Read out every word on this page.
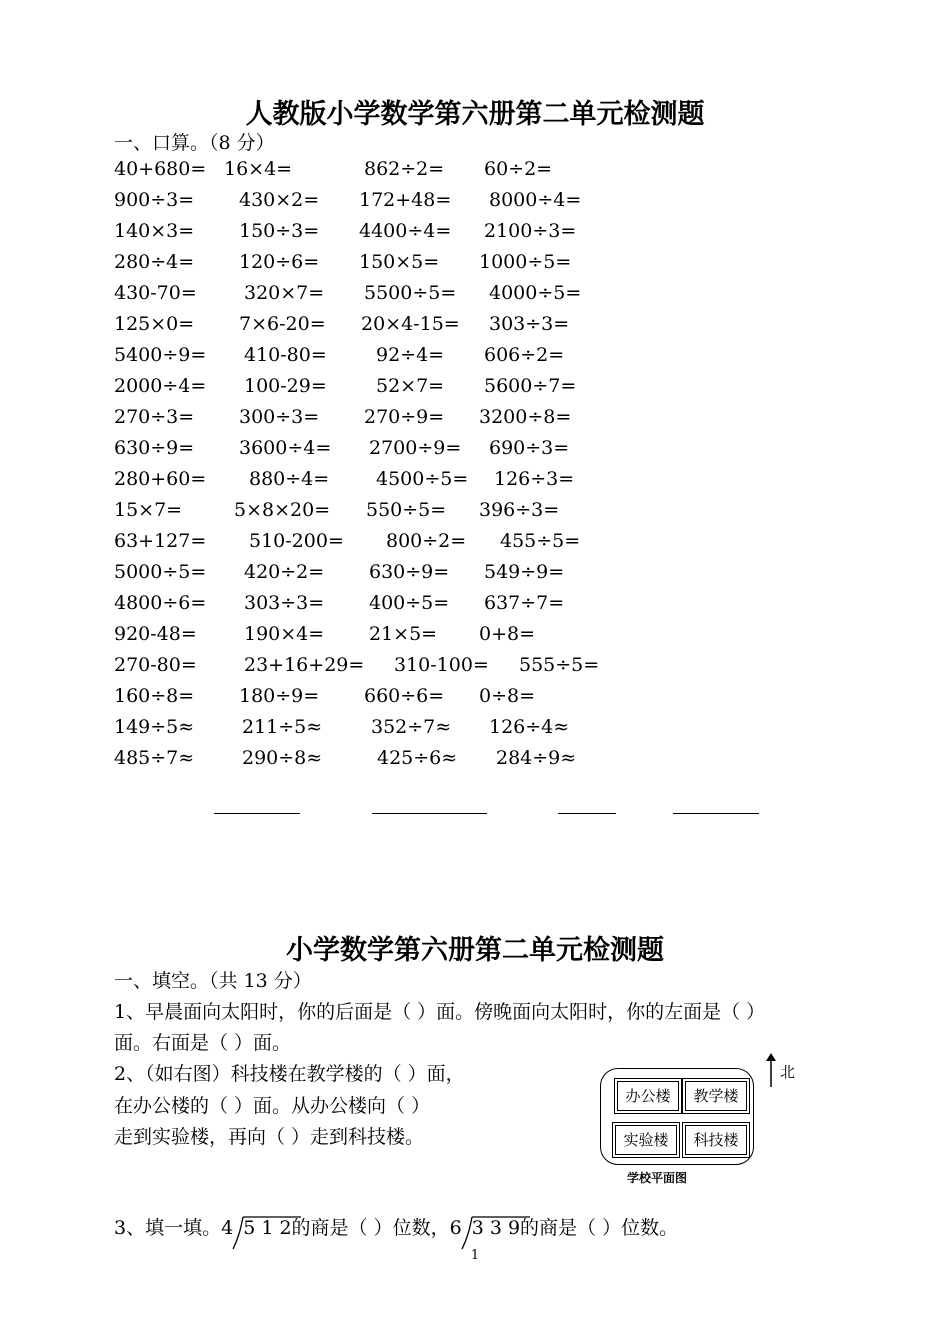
人教版小学数学第六册第二单元检测题
一、口算。（8 分）
40+680= 16×4=	862÷2= 60÷2=
900÷3= 430×2= 172+48= 8000÷4=
140×3= 150÷3= 4400÷4= 2100÷3=
280÷4= 120÷6= 150×5= 1000÷5=
430-70= 320×7= 5500÷5= 4000÷5=
125×0= 7×6-20= 20×4-15= 303÷3=
5400÷9= 410-80=	92÷4= 606÷2=
2000÷4= 100-29=	52×7= 5600÷7=
270÷3= 300÷3= 270÷9= 3200÷8=
630÷9= 3600÷4= 2700÷9= 690÷3=
280+60= 880÷4= 4500÷5= 126÷3=
15×7=	5×8×20= 550÷5= 396÷3=
63+127= 510-200= 800÷2= 455÷5=
5000÷5= 420÷2= 630÷9= 549÷9=
4800÷6= 303÷3= 400÷5= 637÷7=
920-48= 190×4= 21×5= 0+8=
270-80= 23+16+29= 310-100= 555÷5=
160÷8= 180÷9= 660÷6= 0÷8=
149÷5≈	211÷5≈	352÷7≈ 126÷4≈
485÷7≈	290÷8≈	425÷6≈ 284÷9≈
小学数学第六册第二单元检测题
一、填空。（共 13 分）
1、早晨面向太阳时，你的后面是（ ）面。傍晚面向太阳时，你的左面是（ ）
面。右面是（ ）面。
2、（如右图）科技楼在教学楼的（ ）面，
在办公楼的（ ）面。从办公楼向（ ）
走到实验楼，再向（ ）走到科技楼。
办公楼	教学楼
实验楼	科技楼
北
学校平面图
3、填一填。4 5 1 2
的商是（ ）位数，6 3 3 9
的商是（ ）位数。
1
